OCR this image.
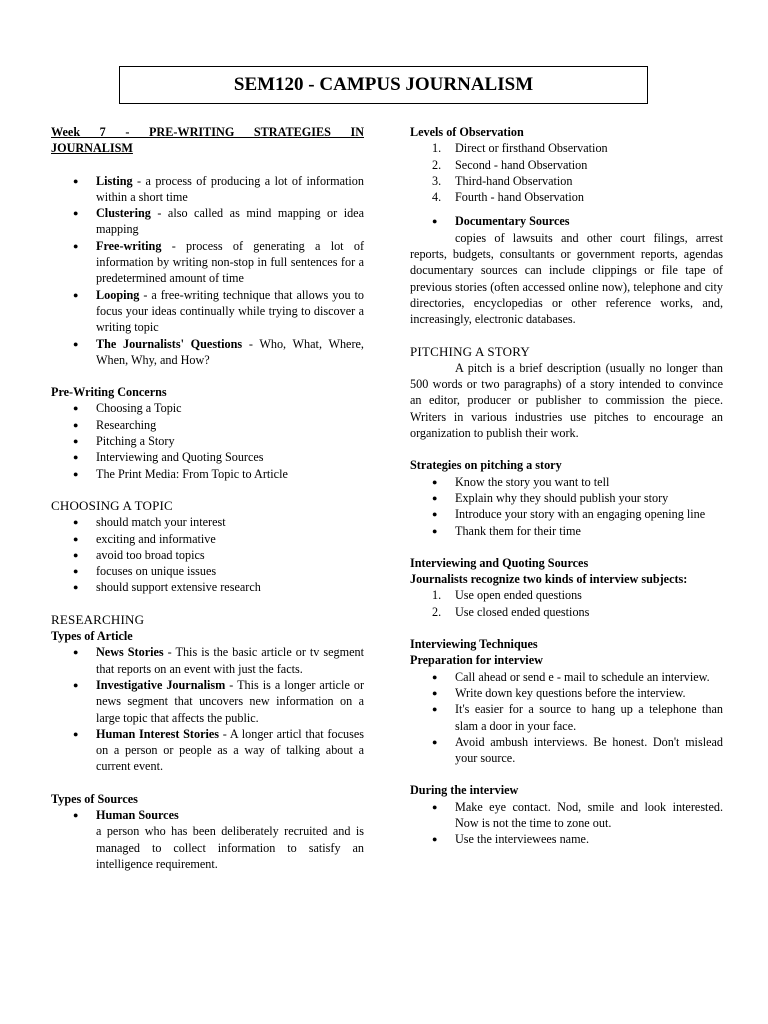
SEM120 - CAMPUS JOURNALISM
Week 7 - PRE-WRITING STRATEGIES IN JOURNALISM
● Listing - a process of producing a lot of information within a short time
● Clustering - also called as mind mapping or idea mapping
● Free-writing - process of generating a lot of information by writing non-stop in full sentences for a predetermined amount of time
● Looping - a free-writing technique that allows you to focus your ideas continually while trying to discover a writing topic
● The Journalists' Questions - Who, What, Where, When, Why, and How?
Pre-Writing Concerns
● Choosing a Topic
● Researching
● Pitching a Story
● Interviewing and Quoting Sources
● The Print Media: From Topic to Article
CHOOSING A TOPIC
● should match your interest
● exciting and informative
● avoid too broad topics
● focuses on unique issues
● should support extensive research
RESEARCHING
Types of Article
● News Stories - This is the basic article or tv segment that reports on an event with just the facts.
● Investigative Journalism - This is a longer article or news segment that uncovers new information on a large topic that affects the public.
● Human Interest Stories - A longer articl that focuses on a person or people as a way of talking about a current event.
Types of Sources
● Human Sources
a person who has been deliberately recruited and is managed to collect information to satisfy an intelligence requirement.
Levels of Observation
1. Direct or firsthand Observation
2. Second - hand Observation
3. Third-hand Observation
4. Fourth - hand Observation
● Documentary Sources
copies of lawsuits and other court filings, arrest reports, budgets, consultants or government reports, agendas documentary sources can include clippings or file tape of previous stories (often accessed online now), telephone and city directories, encyclopedias or other reference works, and, increasingly, electronic databases.
PITCHING A STORY
A pitch is a brief description (usually no longer than 500 words or two paragraphs) of a story intended to convince an editor, producer or publisher to commission the piece. Writers in various industries use pitches to encourage an organization to publish their work.
Strategies on pitching a story
● Know the story you want to tell
● Explain why they should publish your story
● Introduce your story with an engaging opening line
● Thank them for their time
Interviewing and Quoting Sources
Journalists recognize two kinds of interview subjects:
1. Use open ended questions
2. Use closed ended questions
Interviewing Techniques
Preparation for interview
● Call ahead or send e - mail to schedule an interview.
● Write down key questions before the interview.
● It's easier for a source to hang up a telephone than slam a door in your face.
● Avoid ambush interviews. Be honest. Don't mislead your source.
During the interview
● Make eye contact. Nod, smile and look interested. Now is not the time to zone out.
● Use the interviewees name.
